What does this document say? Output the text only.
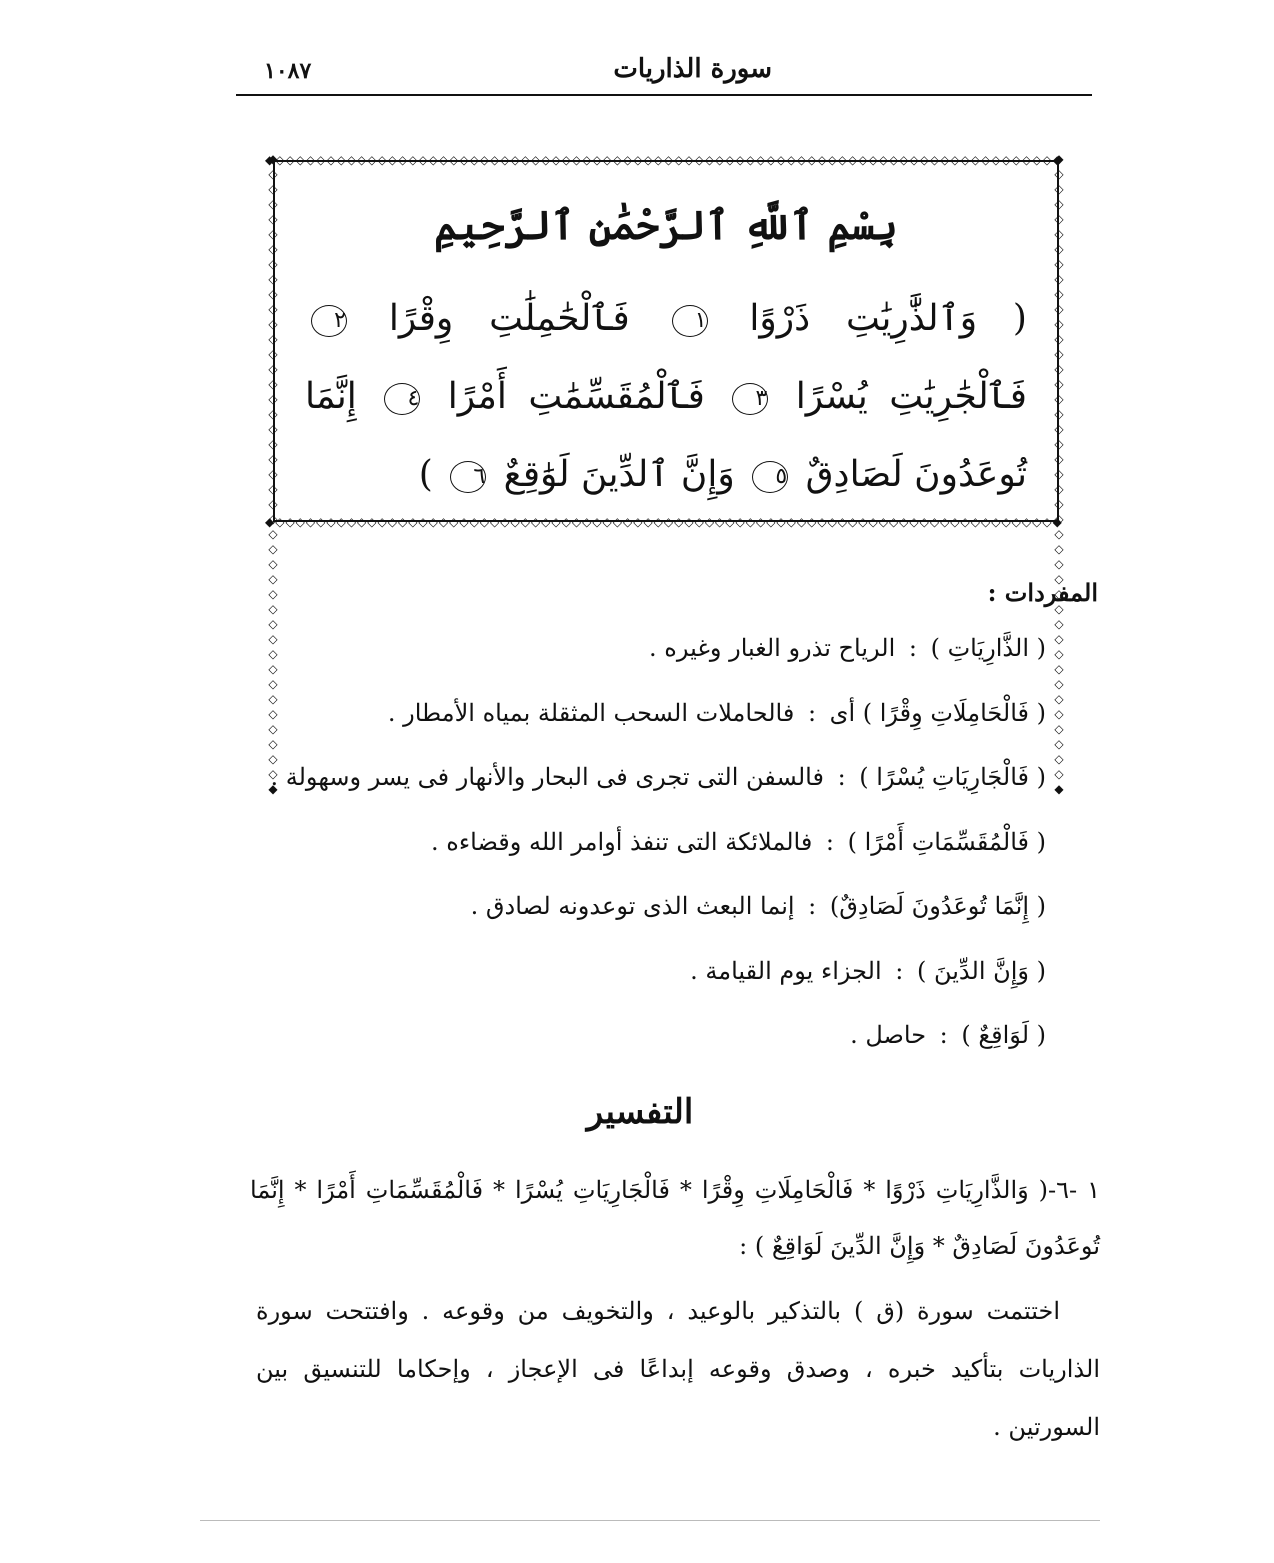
سورة الذاريات
١٠٨٧
◆◇◇◇◇◇◇◇◇◇◇◇◇◇◇◇◇◇◇◇◇◇◇◇◇◇◇◇◇◇◇◇◇◇◇◇◇◇◇◇◇◇◇◇◇◇◇◇◇◇◇◇◇◇◇◇◇◇◇◇◇◇◇◇◇◇◇◇◇◇◇◇◇◇◇◇◇◆
◆◇◇◇◇◇◇◇◇◇◇◇◇◇◇◇◇◇◇◇◇◇◇◇◇◇◇◇◇◇◇◇◇◇◇◇◇◇◇◇◇◇◇◇◇◇◇◇◇◇◇◇◇◇◇◇◇◇◇◇◇◇◇◇◇◇◇◇◇◇◇◇◇◇◇◇◇◆
◆◇◇◇◇◇◇◇◇◇◇◇◇◇◇◇◇◇◇◇◇◇◇◇◇◇◇◇◇◇◇◇◇◇◇◇◇◇◇◇◇◇◆	◆◇◇◇◇◇◇◇◇◇◇◇◇◇◇◇◇◇◇◇◇◇◇◇◇◇◇◇◇◇◇◇◇◇◇◇◇◇◇◇◇◇◆
بِسْمِ ٱللَّهِ ٱلرَّحْمَٰنِ ٱلرَّحِيمِ
( وَٱلذَّٰرِيَٰتِ ذَرْوًا ١ فَٱلْحَٰمِلَٰتِ وِقْرًا ٢ فَٱلْجَٰرِيَٰتِ يُسْرًا ٣ فَٱلْمُقَسِّمَٰتِ أَمْرًا ٤ إِنَّمَا تُوعَدُونَ لَصَادِقٌ ٥ وَإِنَّ ٱلدِّينَ لَوَٰقِعٌ ٦ )
المفردات :
( الذَّارِيَاتِ ) : الرياح تذرو الغبار وغيره .
( فَالْحَامِلَاتِ وِقْرًا ) أى : فالحاملات السحب المثقلة بمياه الأمطار .
( فَالْجَارِيَاتِ يُسْرًا ) : فالسفن التى تجرى فى البحار والأنهار فى يسر وسهولة .
( فَالْمُقَسِّمَاتِ أَمْرًا ) : فالملائكة التى تنفذ أوامر الله وقضاءه .
( إِنَّمَا تُوعَدُونَ لَصَادِقٌ) : إنما البعث الذى توعدونه لصادق .
( وَإِنَّ الدِّينَ ) : الجزاء يوم القيامة .
( لَوَاقِعٌ ) : حاصل .
التفسير
١ -٦-( وَالذَّارِيَاتِ ذَرْوًا * فَالْحَامِلَاتِ وِقْرًا * فَالْجَارِيَاتِ يُسْرًا * فَالْمُقَسِّمَاتِ أَمْرًا * إِنَّمَا تُوعَدُونَ لَصَادِقٌ * وَإِنَّ الدِّينَ لَوَاقِعٌ ) :
اختتمت سورة (ق ) بالتذكير بالوعيد ، والتخويف من وقوعه . وافتتحت سورة الذاريات بتأكيد خبره ، وصدق وقوعه إبداعًا فى الإعجاز ، وإحكاما للتنسيق بين السورتين .
